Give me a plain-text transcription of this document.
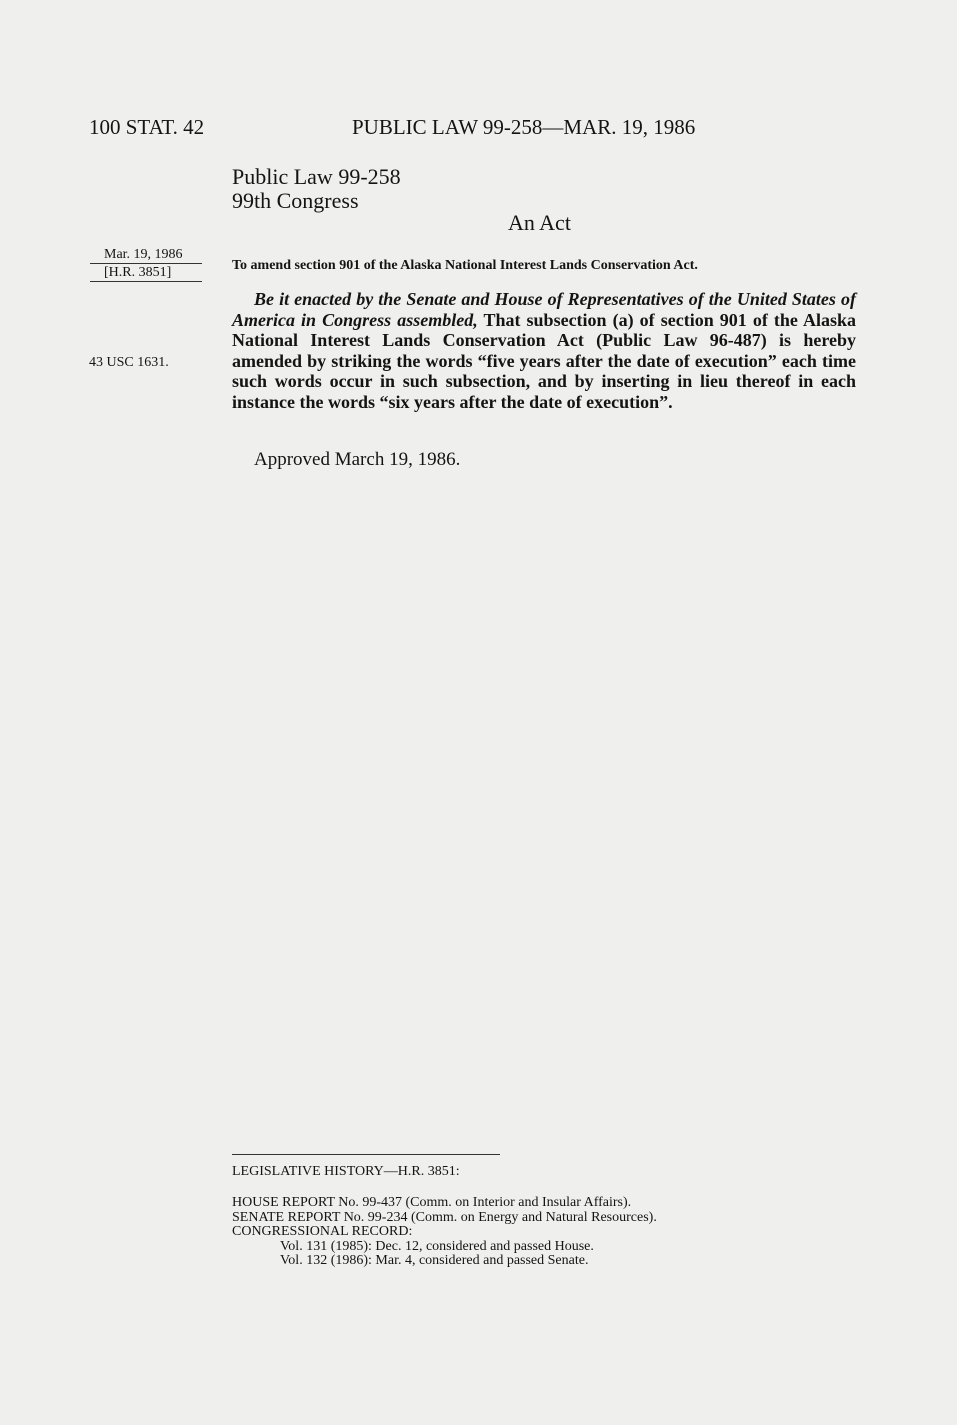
100 STAT. 42	PUBLIC LAW 99-258—MAR. 19, 1986
Public Law 99-258
99th Congress
An Act
Mar. 19, 1986
[H.R. 3851]	To amend section 901 of the Alaska National Interest Lands Conservation Act.
43 USC 1631.
Be it enacted by the Senate and House of Representatives of the United States of America in Congress assembled, That subsection (a) of section 901 of the Alaska National Interest Lands Conservation Act (Public Law 96-487) is hereby amended by striking the words “five years after the date of execution” each time such words occur in such subsection, and by inserting in lieu thereof in each instance the words “six years after the date of execution”.
Approved March 19, 1986.
LEGISLATIVE HISTORY—H.R. 3851:
HOUSE REPORT No. 99-437 (Comm. on Interior and Insular Affairs).
SENATE REPORT No. 99-234 (Comm. on Energy and Natural Resources).
CONGRESSIONAL RECORD:
Vol. 131 (1985): Dec. 12, considered and passed House.
Vol. 132 (1986): Mar. 4, considered and passed Senate.
